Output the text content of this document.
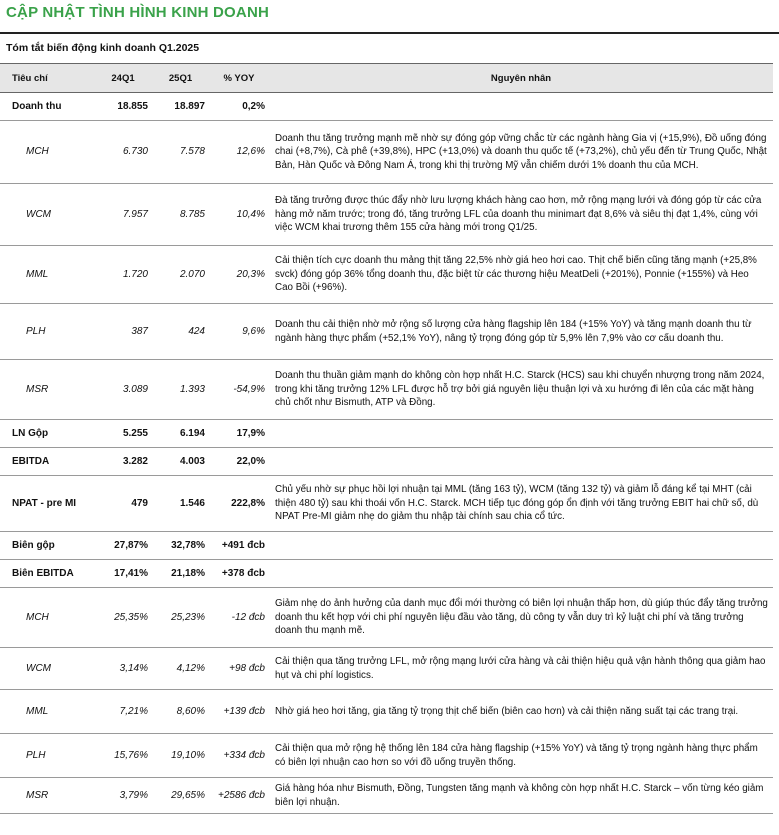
CẬP NHẬT TÌNH HÌNH KINH DOANH
Tóm tắt biến động kinh doanh Q1.2025
Tiêu chí	24Q1	25Q1	% YOY	Nguyên nhân
Doanh thu	18.855	18.897	0,2%	
MCH	6.730	7.578	12,6%	Doanh thu tăng trưởng mạnh mẽ nhờ sự đóng góp vững chắc từ các ngành hàng Gia vị (+15,9%), Đồ uống đóng chai (+8,7%), Cà phê (+39,8%), HPC (+13,0%) và doanh thu quốc tế (+73,2%), chủ yếu đến từ Trung Quốc, Nhật Bản, Hàn Quốc và Đông Nam Á, trong khi thị trường Mỹ vẫn chiếm dưới 1% doanh thu của MCH.
WCM	7.957	8.785	10,4%	Đà tăng trưởng được thúc đẩy nhờ lưu lượng khách hàng cao hơn, mở rộng mạng lưới và đóng góp từ các cửa hàng mở năm trước; trong đó, tăng trưởng LFL của doanh thu minimart đạt 8,6% và siêu thị đạt 1,4%, cùng với việc WCM khai trương thêm 155 cửa hàng mới trong Q1/25.
MML	1.720	2.070	20,3%	Cải thiện tích cực doanh thu mảng thịt tăng 22,5% nhờ giá heo hơi cao. Thịt chế biến cũng tăng mạnh (+25,8% svck) đóng góp 36% tổng doanh thu, đặc biệt từ các thương hiệu MeatDeli (+201%), Ponnie (+155%) và Heo Cao Bồi (+96%).
PLH	387	424	9,6%	Doanh thu cải thiện nhờ mở rộng số lượng cửa hàng flagship lên 184 (+15% YoY) và tăng mạnh doanh thu từ ngành hàng thực phẩm (+52,1% YoY), nâng tỷ trọng đóng góp từ 5,9% lên 7,9% vào cơ cấu doanh thu.
MSR	3.089	1.393	-54,9%	Doanh thu thuần giảm mạnh do không còn hợp nhất H.C. Starck (HCS) sau khi chuyển nhượng trong năm 2024, trong khi tăng trưởng 12% LFL được hỗ trợ bởi giá nguyên liệu thuận lợi và xu hướng đi lên của các mặt hàng chủ chốt như Bismuth, ATP và Đồng.
LN Gộp	5.255	6.194	17,9%	
EBITDA	3.282	4.003	22,0%	
NPAT - pre MI	479	1.546	222,8%	Chủ yếu nhờ sự phục hồi lợi nhuận tại MML (tăng 163 tỷ), WCM (tăng 132 tỷ) và giảm lỗ đáng kể tại MHT (cải thiện 480 tỷ) sau khi thoái vốn H.C. Starck. MCH tiếp tục đóng góp ổn định với tăng trưởng EBIT hai chữ số, dù NPAT Pre-MI giảm nhẹ do giảm thu nhập tài chính sau chia cổ tức.
Biên gộp	27,87%	32,78%	+491 đcb	
Biên EBITDA	17,41%	21,18%	+378 đcb	
MCH	25,35%	25,23%	-12 đcb	Giảm nhẹ do ảnh hưởng của danh mục đổi mới thường có biên lợi nhuận thấp hơn, dù giúp thúc đẩy tăng trưởng doanh thu kết hợp với chi phí nguyên liệu đầu vào tăng, dù công ty vẫn duy trì kỷ luật chi phí và tăng trưởng doanh thu mạnh mẽ.
WCM	3,14%	4,12%	+98 đcb	Cải thiện qua tăng trưởng LFL, mở rộng mạng lưới cửa hàng và cải thiện hiệu quả vận hành thông qua giảm hao hụt và chi phí logistics.
MML	7,21%	8,60%	+139 đcb	Nhờ giá heo hơi tăng, gia tăng tỷ trọng thịt chế biến (biên cao hơn) và cải thiện năng suất tại các trang trại.
PLH	15,76%	19,10%	+334 đcb	Cải thiện qua mở rộng hệ thống lên 184 cửa hàng flagship (+15% YoY) và tăng tỷ trọng ngành hàng thực phẩm có biên lợi nhuận cao hơn so với đồ uống truyền thống.
MSR	3,79%	29,65%	+2586 đcb	Giá hàng hóa như Bismuth, Đồng, Tungsten tăng mạnh và không còn hợp nhất H.C. Starck – vốn từng kéo giảm biên lợi nhuận.
